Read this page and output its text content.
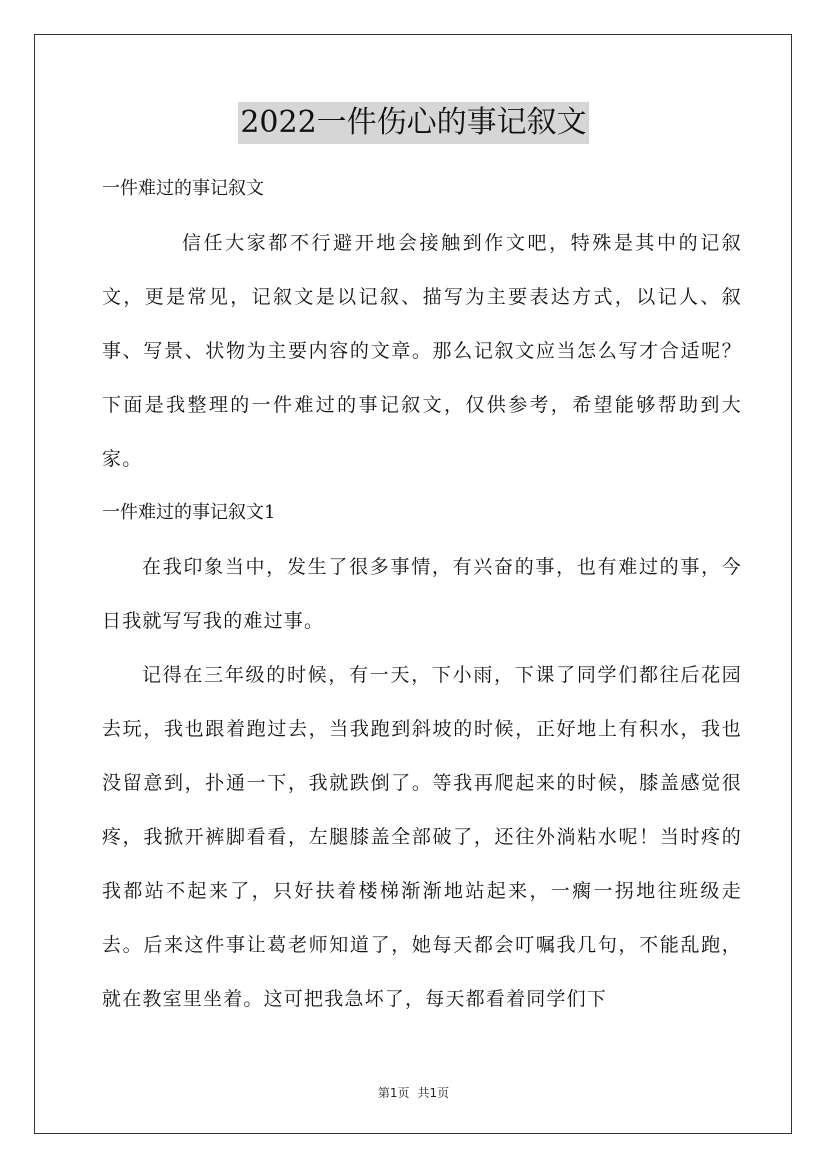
2022一件伤心的事记叙文

一件难过的事记叙文

信任大家都不行避开地会接触到作文吧，特殊是其中的记叙文，更是常见，记叙文是以记叙、描写为主要表达方式，以记人、叙事、写景、状物为主要内容的文章。那么记叙文应当怎么写才合适呢？下面是我整理的一件难过的事记叙文，仅供参考，希望能够帮助到大家。

一件难过的事记叙文1

在我印象当中，发生了很多事情，有兴奋的事，也有难过的事，今日我就写写我的难过事。

记得在三年级的时候，有一天，下小雨，下课了同学们都往后花园去玩，我也跟着跑过去，当我跑到斜坡的时候，正好地上有积水，我也没留意到，扑通一下，我就跌倒了。等我再爬起来的时候，膝盖感觉很疼，我掀开裤脚看看，左腿膝盖全部破了，还往外淌粘水呢！当时疼的我都站不起来了，只好扶着楼梯渐渐地站起来，一瘸一拐地往班级走去。后来这件事让葛老师知道了，她每天都会叮嘱我几句，不能乱跑，就在教室里坐着。这可把我急坏了，每天都看着同学们下

第1页 共1页
